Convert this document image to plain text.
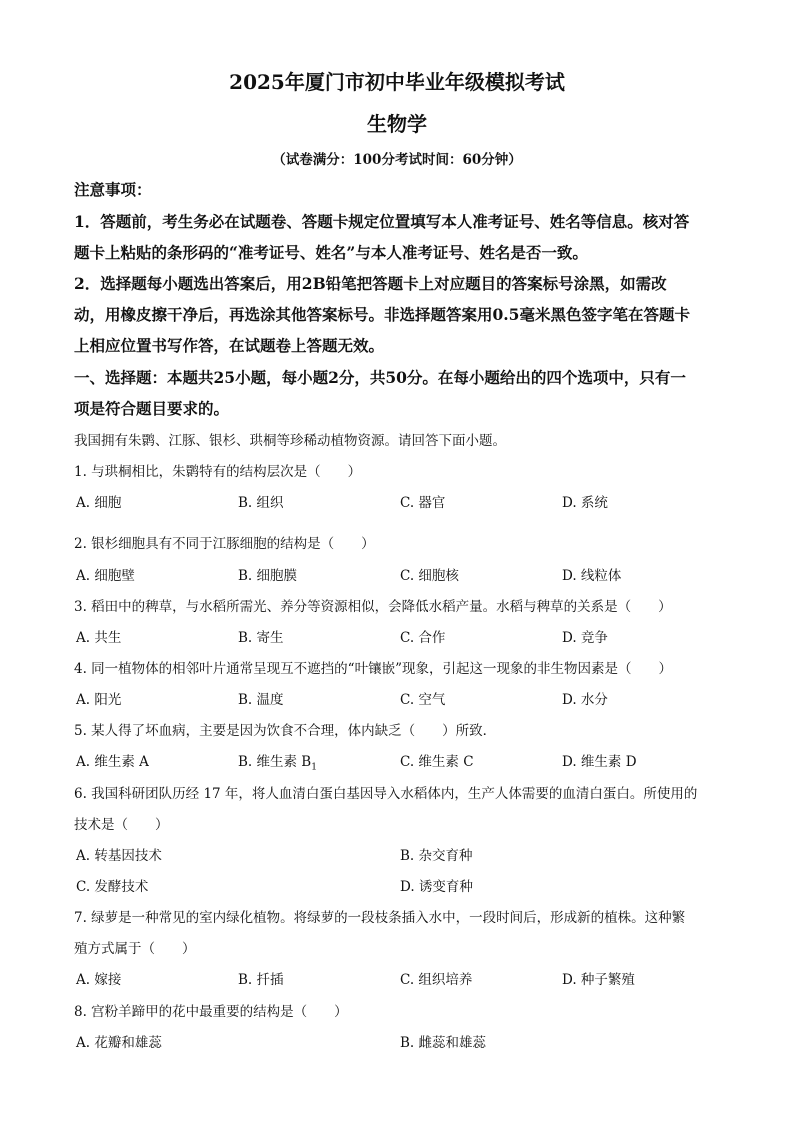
2025年厦门市初中毕业年级模拟考试
生物学
（试卷满分：100分考试时间：60分钟）
注意事项：
1．答题前，考生务必在试题卷、答题卡规定位置填写本人准考证号、姓名等信息。核对答
题卡上粘贴的条形码的“准考证号、姓名”与本人准考证号、姓名是否一致。
2．选择题每小题选出答案后，用2B铅笔把答题卡上对应题目的答案标号涂黑，如需改
动，用橡皮擦干净后，再选涂其他答案标号。非选择题答案用0.5毫米黑色签字笔在答题卡
上相应位置书写作答，在试题卷上答题无效。
一、选择题：本题共25小题，每小题2分，共50分。在每小题给出的四个选项中，只有一
项是符合题目要求的。
我国拥有朱鹮、江豚、银杉、珙桐等珍稀动植物资源。请回答下面小题。
1. 与珙桐相比，朱鹮特有的结构层次是（　　）
A. 细胞	B. 组织	C. 器官	D. 系统
2. 银杉细胞具有不同于江豚细胞的结构是（　　）
A. 细胞壁	B. 细胞膜	C. 细胞核	D. 线粒体
3. 稻田中的稗草，与水稻所需光、养分等资源相似，会降低水稻产量。水稻与稗草的关系是（　　）
A. 共生	B. 寄生	C. 合作	D. 竞争
4. 同一植物体的相邻叶片通常呈现互不遮挡的“叶镶嵌”现象，引起这一现象的非生物因素是（　　）
A. 阳光	B. 温度	C. 空气	D. 水分
5. 某人得了坏血病，主要是因为饮食不合理，体内缺乏（　　）所致．
A. 维生素 A	B. 维生素 $B_1$	C. 维生素 C	D. 维生素 D
6. 我国科研团队历经 17 年，将人血清白蛋白基因导入水稻体内，生产人体需要的血清白蛋白。所使用的
技术是（　　）
A. 转基因技术	B. 杂交育种
C. 发酵技术	D. 诱变育种
7. 绿萝是一种常见的室内绿化植物。将绿萝的一段枝条插入水中，一段时间后，形成新的植株。这种繁
殖方式属于（　　）
A. 嫁接	B. 扦插	C. 组织培养	D. 种子繁殖
8. 宫粉羊蹄甲的花中最重要的结构是（　　）
A. 花瓣和雄蕊	B. 雌蕊和雄蕊
